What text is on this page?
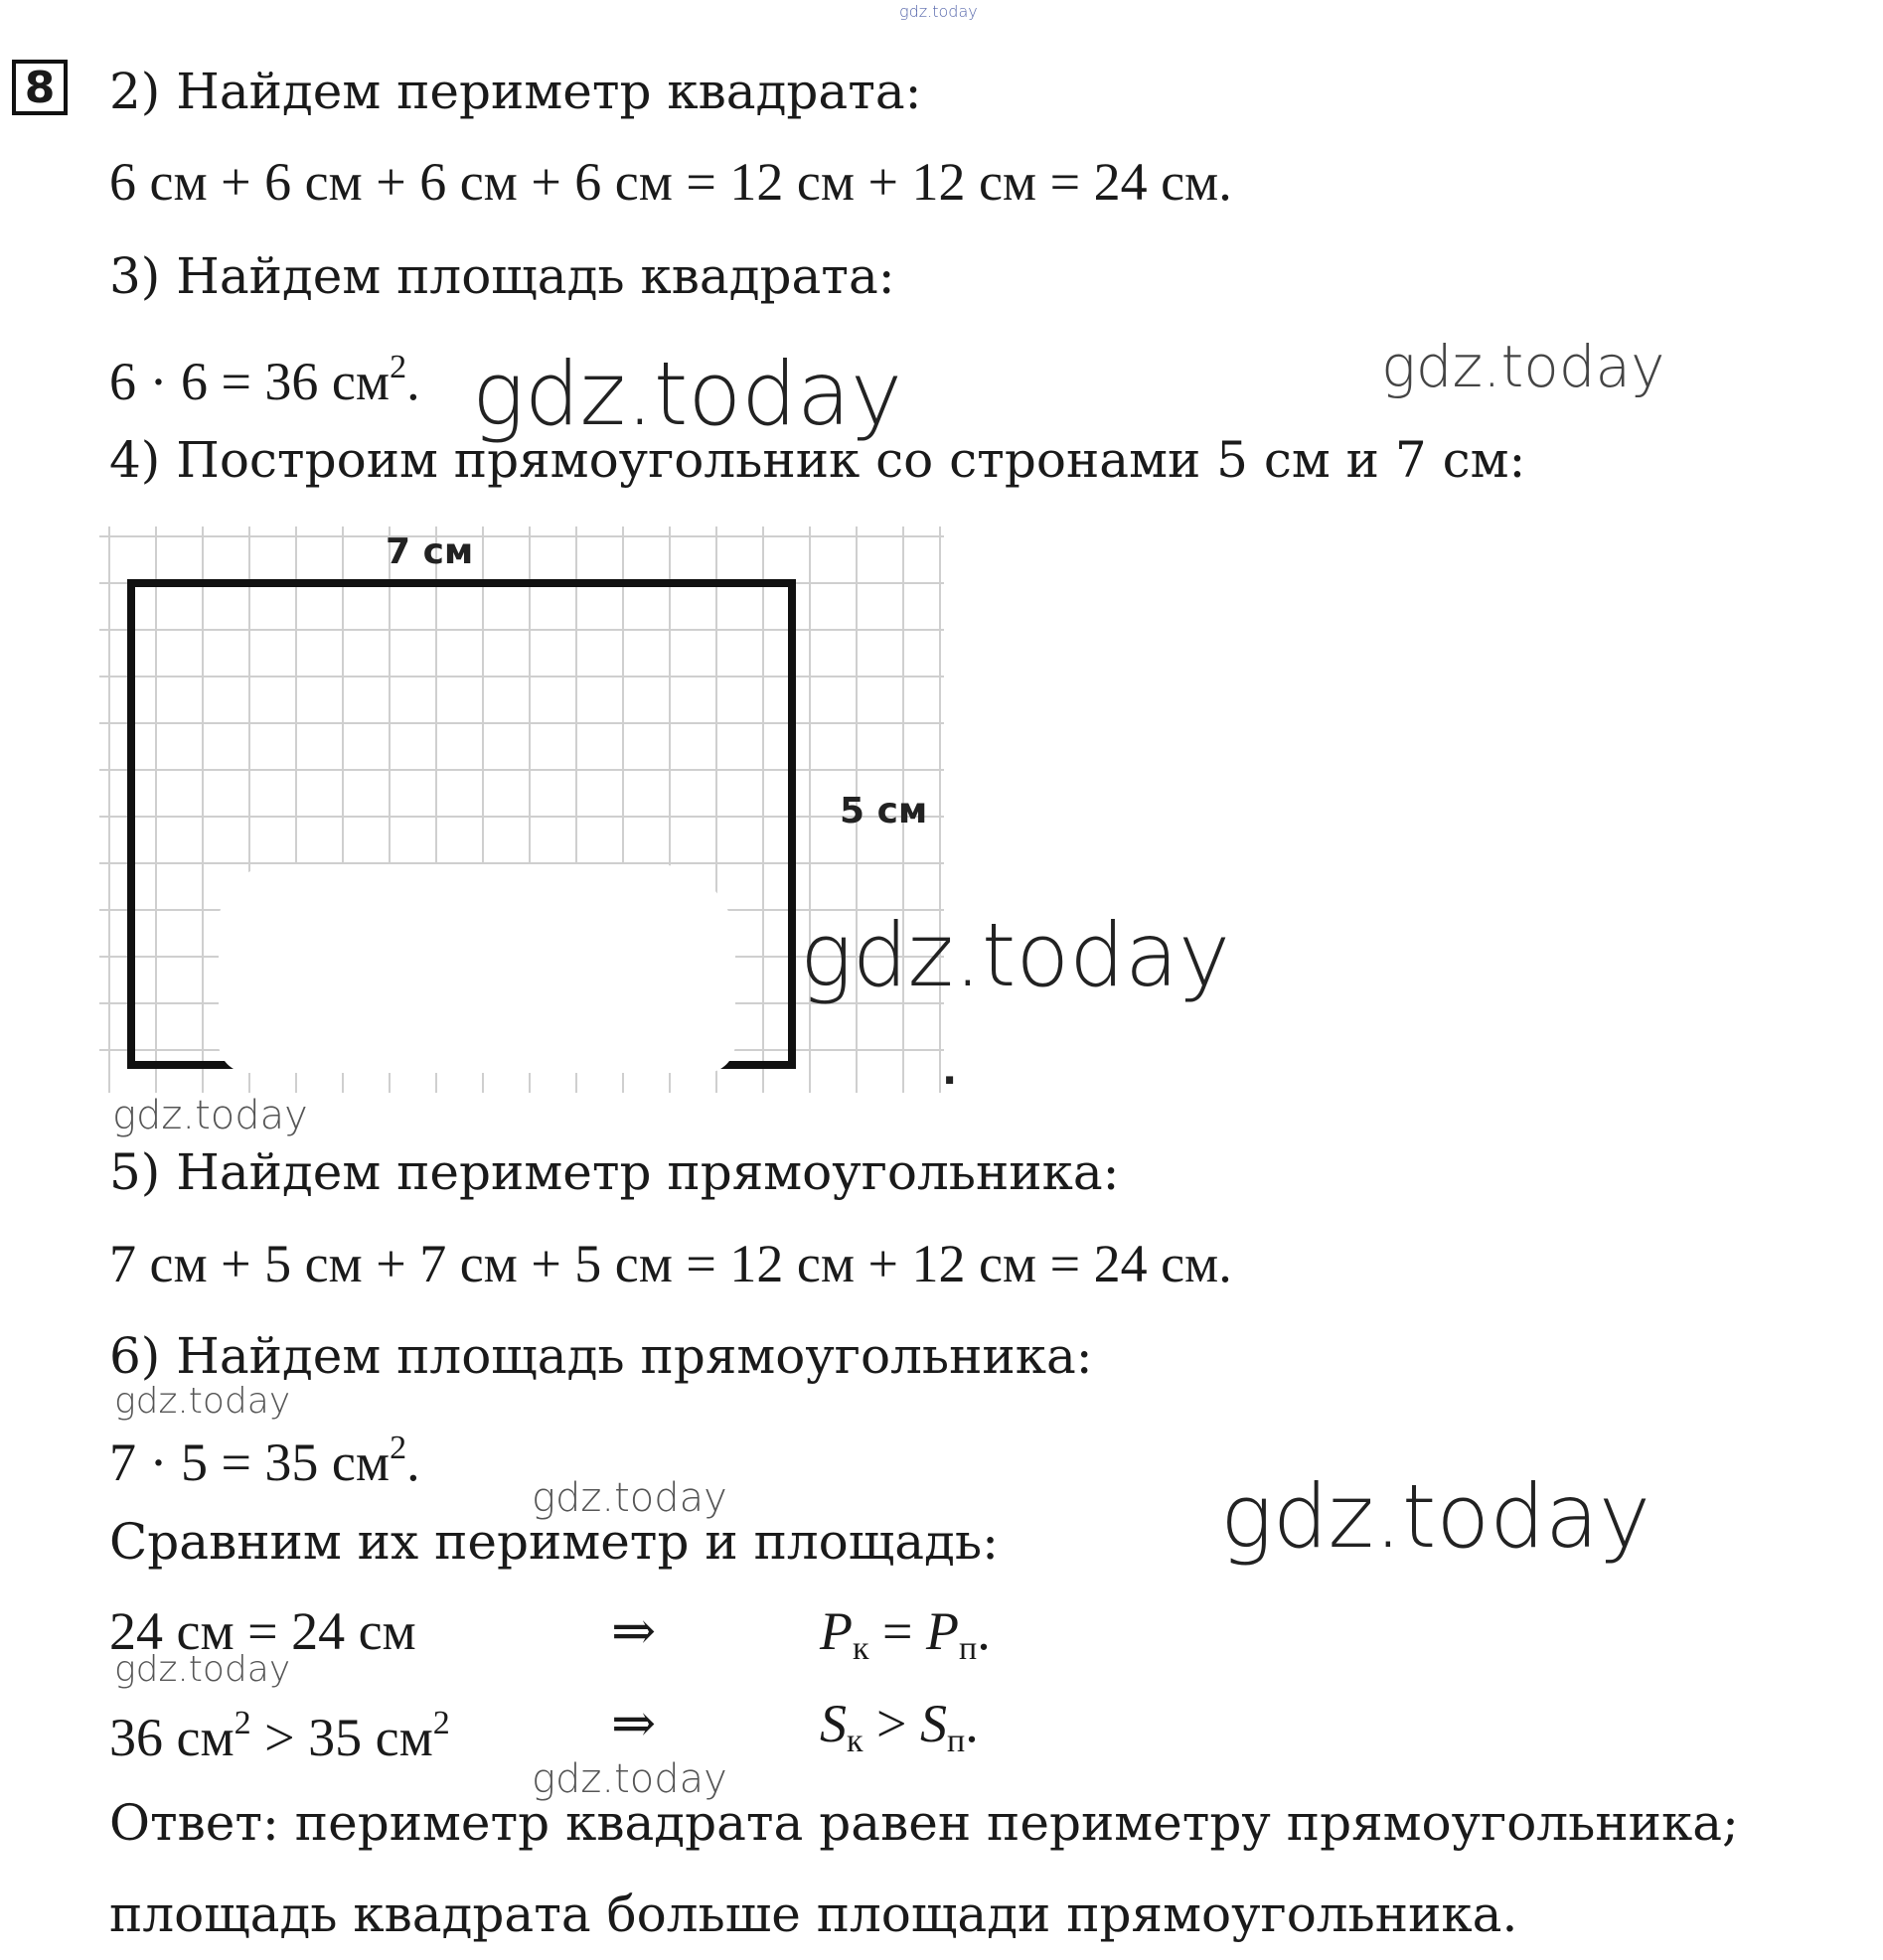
gdz.today
8 2) Найдем периметр квадрата:
6 см + 6 см + 6 см + 6 см = 12 см + 12 см = 24 см.
3) Найдем площадь квадрата:
6 · 6 = 36 $см^2$. gdz.today	gdz.today
4) Построим прямоугольник со стронами 5 см и 7 см:
7 см
5 см
gdz.today
.
gdz.today
5) Найдем периметр прямоугольника:
7 см + 5 см + 7 см + 5 см = 12 см + 12 см = 24 см.
6) Найдем площадь прямоугольника:
gdz.today
7 · 5 = 35 $см^2$.
gdz.today
Сравним их периметр и площадь:	gdz.today
24 см = 24 см	⇒	$P_к = P_п$.
gdz.today
36 $см^2 > 35$ $см^2$	⇒	$S_к > S_п$.
gdz.today
Ответ: периметр квадрата равен периметру прямоугольника;
площадь квадрата больше площади прямоугольника.
